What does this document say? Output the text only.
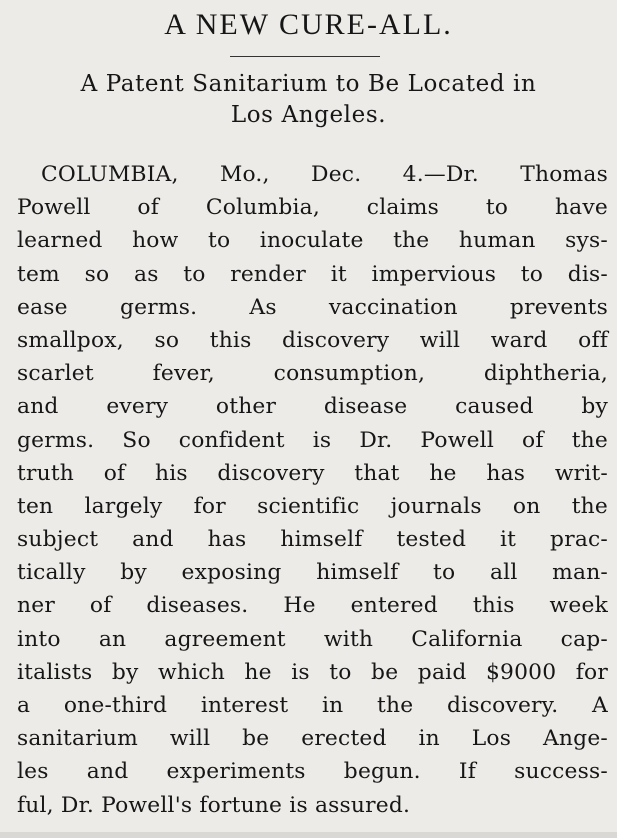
A NEW CURE-ALL.
A Patent Sanitarium to Be Located in
Los Angeles.
COLUMBIA, Mo., Dec. 4.—Dr. Thomas
Powell of Columbia, claims to have
learned how to inoculate the human sys-
tem so as to render it impervious to dis-
ease germs. As vaccination prevents
smallpox, so this discovery will ward off
scarlet fever, consumption, diphtheria,
and every other disease caused by
germs. So confident is Dr. Powell of the
truth of his discovery that he has writ-
ten largely for scientific journals on the
subject and has himself tested it prac-
tically by exposing himself to all man-
ner of diseases. He entered this week
into an agreement with California cap-
italists by which he is to be paid $9000 for
a one-third interest in the discovery. A
sanitarium will be erected in Los Ange-
les and experiments begun. If success-
ful, Dr. Powell's fortune is assured.
